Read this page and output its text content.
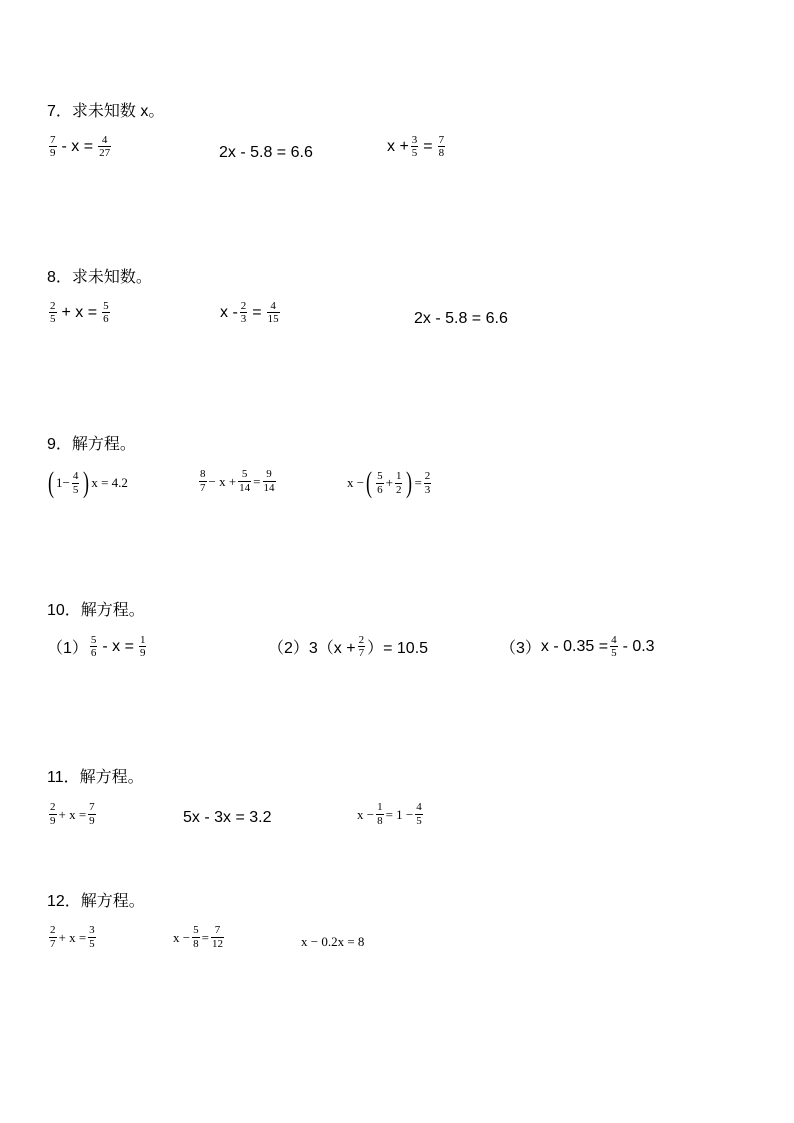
7．求未知数 x。
$\frac{7}{9} - x = \frac{4}{27}$	2x - 5.8 = 6.6	$x + \frac{3}{5} = \frac{7}{8}$
8．求未知数。
$\frac{2}{5} + x = \frac{5}{6}$	$x - \frac{2}{3} = \frac{4}{15}$	2x - 5.8 = 6.6
9．解方程。
( $1- \frac{4}{5}$ ) x = 4.2	$\frac{8}{7} - x + \frac{5}{14} = \frac{9}{14}$	x − ( $\frac{5}{6} + \frac{1}{2}$ ) = $\frac{2}{3}$
10．解方程。
$(1) \frac{5}{6} - x = \frac{1}{9}$	（2） $3(x + \frac{2}{7}$ ）= 10.5	（3） $x - 0.35 = \frac{4}{5} - 0.3$
11．解方程。
$\frac{2}{9} + x = \frac{7}{9}$	5x - 3x = 3.2	$x - \frac{1}{8} = 1 - \frac{4}{5}$
12．解方程。
$\frac{2}{7} + x = \frac{3}{5}$	$x - \frac{5}{8} = \frac{7}{12}$	x − 0.2x = 8
